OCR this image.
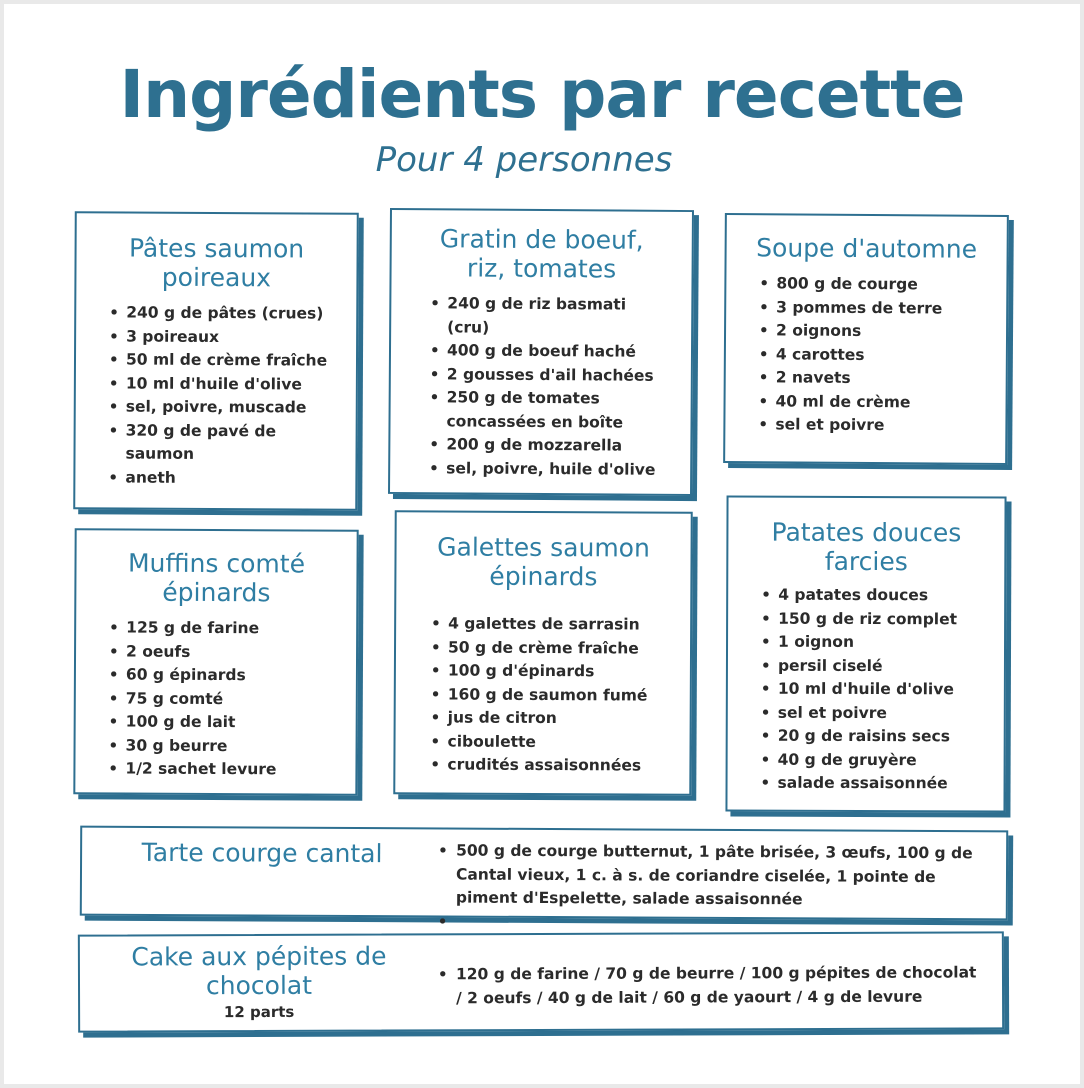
Ingrédients par recette
Pour 4 personnes
Pâtes saumon
poireaux
• 240 g de pâtes (crues)
• 3 poireaux
• 50 ml de crème fraîche
• 10 ml d'huile d'olive
• sel, poivre, muscade
• 320 g de pavé de
saumon
• aneth
Gratin de boeuf,
riz, tomates
• 240 g de riz basmati
(cru)
• 400 g de boeuf haché
• 2 gousses d'ail hachées
• 250 g de tomates
concassées en boîte
• 200 g de mozzarella
• sel, poivre, huile d'olive
Soupe d'automne
• 800 g de courge
• 3 pommes de terre
• 2 oignons
• 4 carottes
• 2 navets
• 40 ml de crème
• sel et poivre
Muffins comté
épinards
• 125 g de farine
• 2 oeufs
• 60 g épinards
• 75 g comté
• 100 g de lait
• 30 g beurre
• 1/2 sachet levure
Galettes saumon
épinards
• 4 galettes de sarrasin
• 50 g de crème fraîche
• 100 g d'épinards
• 160 g de saumon fumé
• jus de citron
• ciboulette
• crudités assaisonnées
Patates douces
farcies
• 4 patates douces
• 150 g de riz complet
• 1 oignon
• persil ciselé
• 10 ml d'huile d'olive
• sel et poivre
• 20 g de raisins secs
• 40 g de gruyère
• salade assaisonnée
Tarte courge cantal
•	500 g de courge butternut, 1 pâte brisée, 3 œufs, 100 g de
Cantal vieux, 1 c. à s. de coriandre ciselée, 1 pointe de
piment d'Espelette, salade assaisonnée
•
Cake aux pépites de
chocolat
12 parts
• 120 g de farine / 70 g de beurre / 100 g pépites de chocolat
/ 2 oeufs / 40 g de lait / 60 g de yaourt / 4 g de levure
